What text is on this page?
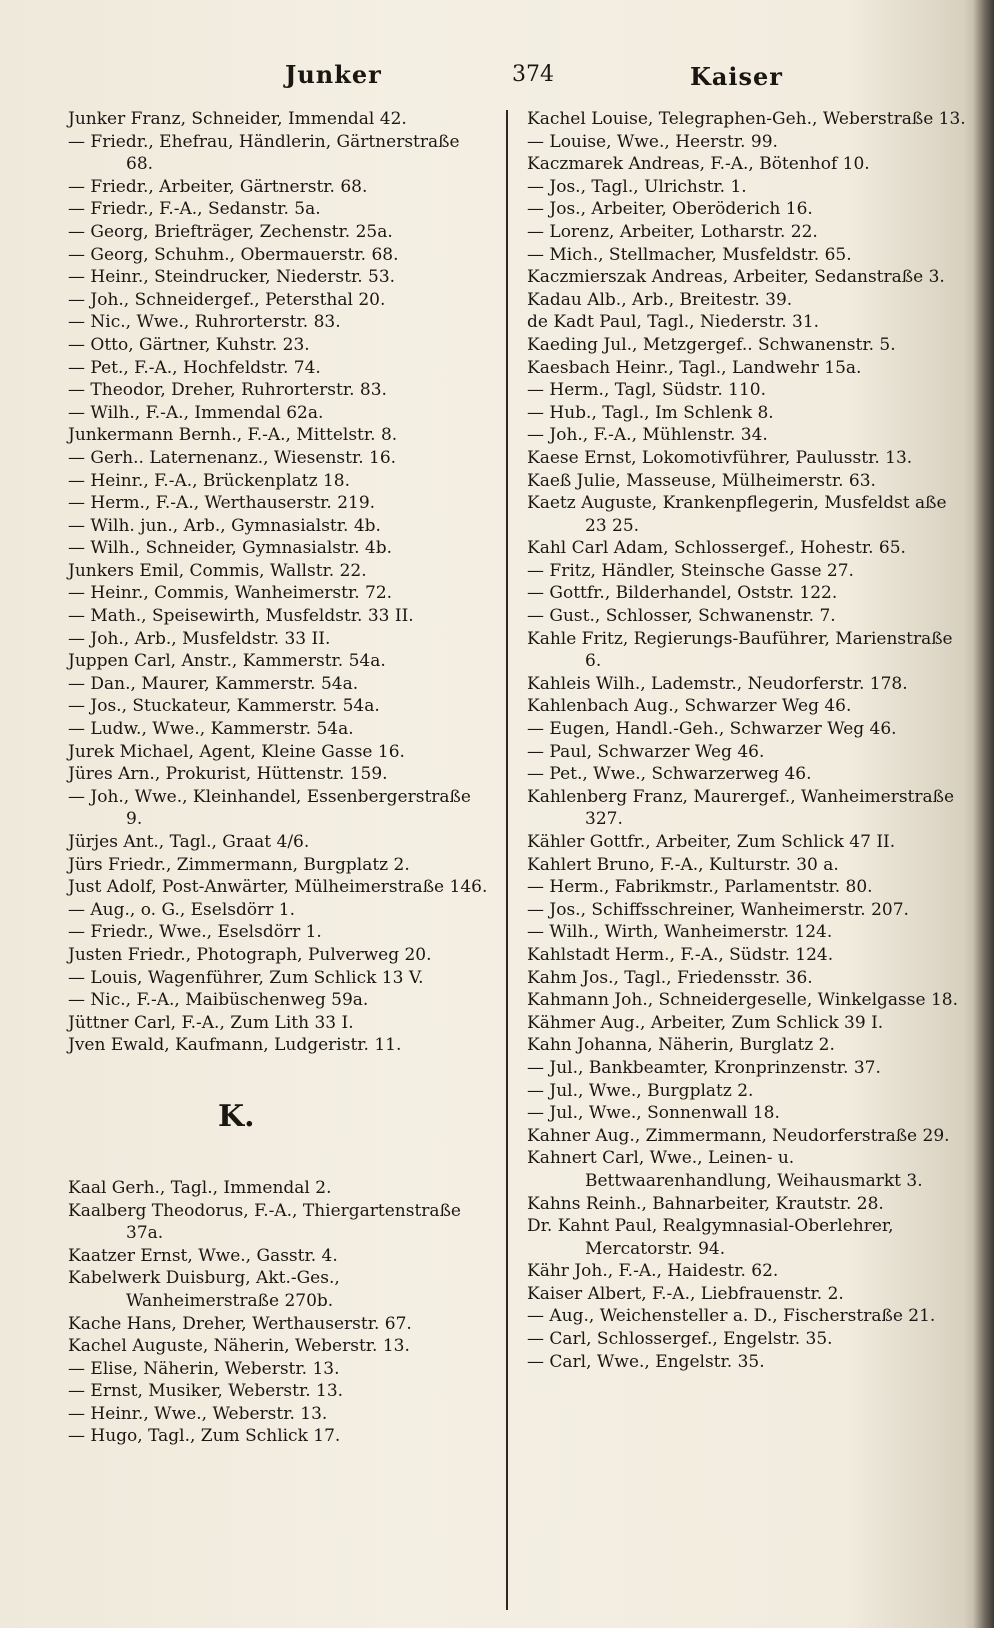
Junker	374	Kaiser

Junker Franz, Schneider, Immendal 42.

— Friedr., Ehefrau, Händlerin, Gärtnerstraße 68.

— Friedr., Arbeiter, Gärtnerstr. 68.

— Friedr., F.-A., Sedanstr. 5a.

— Georg, Briefträger, Zechenstr. 25a.

— Georg, Schuhm., Obermauerstr. 68.

— Heinr., Steindrucker, Niederstr. 53.

— Joh., Schneidergef., Petersthal 20.

— Nic., Wwe., Ruhrorterstr. 83.

— Otto, Gärtner, Kuhstr. 23.

— Pet., F.-A., Hochfeldstr. 74.

— Theodor, Dreher, Ruhrorterstr. 83.

— Wilh., F.-A., Immendal 62a.

Junkermann Bernh., F.-A., Mittelstr. 8.

— Gerh.. Laternenanz., Wiesenstr. 16.

— Heinr., F.-A., Brückenplatz 18.

— Herm., F.-A., Werthauserstr. 219.

— Wilh. jun., Arb., Gymnasialstr. 4b.

— Wilh., Schneider, Gymnasialstr. 4b.

Junkers Emil, Commis, Wallstr. 22.

— Heinr., Commis, Wanheimerstr. 72.

— Math., Speisewirth, Musfeldstr. 33 II.

— Joh., Arb., Musfeldstr. 33 II.

Juppen Carl, Anstr., Kammerstr. 54a.

— Dan., Maurer, Kammerstr. 54a.

— Jos., Stuckateur, Kammerstr. 54a.

— Ludw., Wwe., Kammerstr. 54a.

Jurek Michael, Agent, Kleine Gasse 16.

Jüres Arn., Prokurist, Hüttenstr. 159.

— Joh., Wwe., Kleinhandel, Essenbergerstraße 9.

Jürjes Ant., Tagl., Graat 4/6.

Jürs Friedr., Zimmermann, Burgplatz 2.

Just Adolf, Post-Anwärter, Mülheimerstraße 146.

— Aug., o. G., Eselsdörr 1.

— Friedr., Wwe., Eselsdörr 1.

Justen Friedr., Photograph, Pulverweg 20.

— Louis, Wagenführer, Zum Schlick 13 V.

— Nic., F.-A., Maibüschenweg 59a.

Jüttner Carl, F.-A., Zum Lith 33 I.

Jven Ewald, Kaufmann, Ludgeristr. 11.

K.

Kaal Gerh., Tagl., Immendal 2.

Kaalberg Theodorus, F.-A., Thiergartenstraße 37a.

Kaatzer Ernst, Wwe., Gasstr. 4.

Kabelwerk Duisburg, Akt.-Ges., Wanheimerstraße 270b.

Kache Hans, Dreher, Werthauserstr. 67.

Kachel Auguste, Näherin, Weberstr. 13.

— Elise, Näherin, Weberstr. 13.

— Ernst, Musiker, Weberstr. 13.

— Heinr., Wwe., Weberstr. 13.

— Hugo, Tagl., Zum Schlick 17.

Kachel Louise, Telegraphen-Geh., Weberstraße 13.

— Louise, Wwe., Heerstr. 99.

Kaczmarek Andreas, F.-A., Bötenhof 10.

— Jos., Tagl., Ulrichstr. 1.

— Jos., Arbeiter, Oberöderich 16.

— Lorenz, Arbeiter, Lotharstr. 22.

— Mich., Stellmacher, Musfeldstr. 65.

Kaczmierszak Andreas, Arbeiter, Sedanstraße 3.

Kadau Alb., Arb., Breitestr. 39.

de Kadt Paul, Tagl., Niederstr. 31.

Kaeding Jul., Metzgergef.. Schwanenstr. 5.

Kaesbach Heinr., Tagl., Landwehr 15a.

— Herm., Tagl, Südstr. 110.

— Hub., Tagl., Im Schlenk 8.

— Joh., F.-A., Mühlenstr. 34.

Kaese Ernst, Lokomotivführer, Paulusstr. 13.

Kaeß Julie, Masseuse, Mülheimerstr. 63.

Kaetz Auguste, Krankenpflegerin, Musfeldst aße 23 25.

Kahl Carl Adam, Schlossergef., Hohestr. 65.

— Fritz, Händler, Steinsche Gasse 27.

— Gottfr., Bilderhandel, Oststr. 122.

— Gust., Schlosser, Schwanenstr. 7.

Kahle Fritz, Regierungs-Bauführer, Marienstraße 6.

Kahleis Wilh., Lademstr., Neudorferstr. 178.

Kahlenbach Aug., Schwarzer Weg 46.

— Eugen, Handl.-Geh., Schwarzer Weg 46.

— Paul, Schwarzer Weg 46.

— Pet., Wwe., Schwarzerweg 46.

Kahlenberg Franz, Maurergef., Wanheimerstraße 327.

Kähler Gottfr., Arbeiter, Zum Schlick 47 II.

Kahlert Bruno, F.-A., Kulturstr. 30 a.

— Herm., Fabrikmstr., Parlamentstr. 80.

— Jos., Schiffsschreiner, Wanheimerstr. 207.

— Wilh., Wirth, Wanheimerstr. 124.

Kahlstadt Herm., F.-A., Südstr. 124.

Kahm Jos., Tagl., Friedensstr. 36.

Kahmann Joh., Schneidergeselle, Winkelgasse 18.

Kähmer Aug., Arbeiter, Zum Schlick 39 I.

Kahn Johanna, Näherin, Burglatz 2.

— Jul., Bankbeamter, Kronprinzenstr. 37.

— Jul., Wwe., Burgplatz 2.

— Jul., Wwe., Sonnenwall 18.

Kahner Aug., Zimmermann, Neudorferstraße 29.

Kahnert Carl, Wwe., Leinen- u. Bettwaarenhandlung, Weihausmarkt 3.

Kahns Reinh., Bahnarbeiter, Krautstr. 28.

Dr. Kahnt Paul, Realgymnasial-Oberlehrer, Mercatorstr. 94.

Kähr Joh., F.-A., Haidestr. 62.

Kaiser Albert, F.-A., Liebfrauenstr. 2.

— Aug., Weichensteller a. D., Fischerstraße 21.

— Carl, Schlossergef., Engelstr. 35.

— Carl, Wwe., Engelstr. 35.
